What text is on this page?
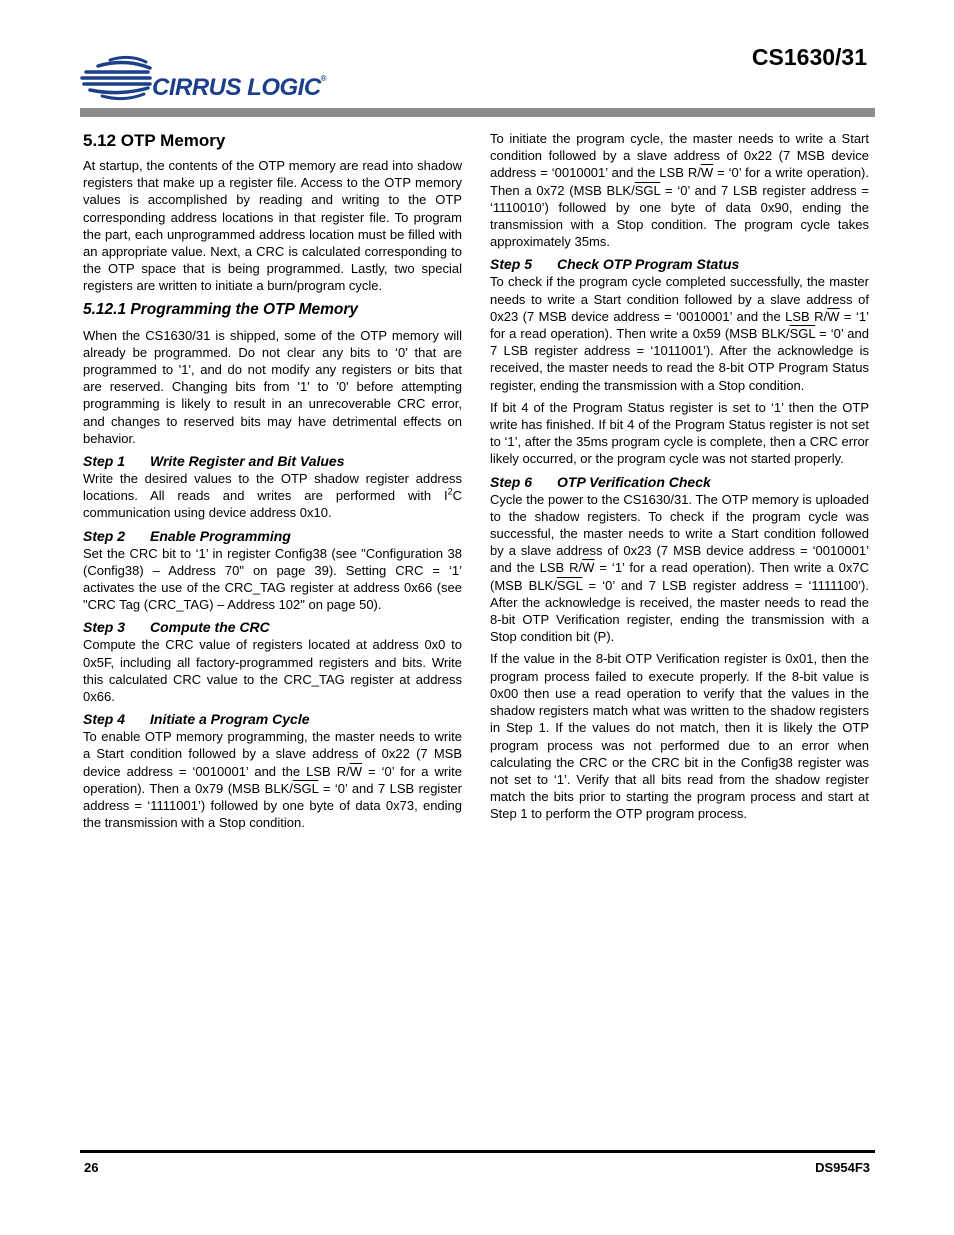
CIRRUS LOGIC®
CS1630/31
5.12 OTP Memory

At startup, the contents of the OTP memory are read into shadow registers that make up a register file. Access to the OTP memory values is accomplished by reading and writing to the OTP corresponding address locations in that register file. To program the part, each unprogrammed address location must be filled with an appropriate value. Next, a CRC is calculated corresponding to the OTP space that is being programmed. Lastly, two special registers are written to initiate a burn/program cycle.

5.12.1 Programming the OTP Memory

When the CS1630/31 is shipped, some of the OTP memory will already be programmed. Do not clear any bits to ‘0’ that are programmed to '1', and do not modify any registers or bits that are reserved. Changing bits from '1' to '0' before attempting programming is likely to result in an unrecoverable CRC error, and changes to reserved bits may have detrimental effects on behavior.

Step 1 Write Register and Bit Values

Write the desired values to the OTP shadow register address locations. All reads and writes are performed with $I^2C$ communication using device address 0x10.

Step 2 Enable Programming

Set the CRC bit to ‘1’ in register Config38 (see "Configuration 38 (Config38) – Address 70" on page 39). Setting CRC = ‘1’ activates the use of the CRC_TAG register at address 0x66 (see "CRC Tag (CRC_TAG) – Address 102" on page 50).

Step 3 Compute the CRC

Compute the CRC value of registers located at address 0x0 to 0x5F, including all factory-programmed registers and bits. Write this calculated CRC value to the CRC_TAG register at address 0x66.

Step 4 Initiate a Program Cycle

To enable OTP memory programming, the master needs to write a Start condition followed by a slave address of 0x22 (7 MSB device address = ‘0010001’ and the LSB $R/\overline{W}$ = ‘0’ for a write operation). Then a 0x79 (MSB BLK/$\overline{SGL}$ = ‘0’ and 7 LSB register address = ‘1111001’) followed by one byte of data 0x73, ending the transmission with a Stop condition.

To initiate the program cycle, the master needs to write a Start condition followed by a slave address of 0x22 (7 MSB device address = ‘0010001’ and the LSB $R/\overline{W}$ = ‘0’ for a write operation). Then a 0x72 (MSB BLK/$\overline{SGL}$ = ‘0’ and 7 LSB register address = ‘1110010’) followed by one byte of data 0x90, ending the transmission with a Stop condition. The program cycle takes approximately 35ms.

Step 5 Check OTP Program Status

To check if the program cycle completed successfully, the master needs to write a Start condition followed by a slave address of 0x23 (7 MSB device address = ‘0010001’ and the LSB $R/\overline{W}$ = ‘1’ for a read operation). Then write a 0x59 (MSB BLK/$\overline{SGL}$ = ‘0’ and 7 LSB register address = ‘1011001’). After the acknowledge is received, the master needs to read the 8-bit OTP Program Status register, ending the transmission with a Stop condition.

If bit 4 of the Program Status register is set to ‘1’ then the OTP write has finished. If bit 4 of the Program Status register is not set to ‘1’, after the 35ms program cycle is complete, then a CRC error likely occurred, or the program cycle was not started properly.

Step 6 OTP Verification Check

Cycle the power to the CS1630/31. The OTP memory is uploaded to the shadow registers. To check if the program cycle was successful, the master needs to write a Start condition followed by a slave address of 0x23 (7 MSB device address = ‘0010001’ and the LSB $R/\overline{W}$ = ‘1’ for a read operation). Then write a 0x7C (MSB BLK/$\overline{SGL}$ = ‘0’ and 7 LSB register address = ‘1111100’). After the acknowledge is received, the master needs to read the 8-bit OTP Verification register, ending the transmission with a Stop condition bit (P).

If the value in the 8-bit OTP Verification register is 0x01, then the program process failed to execute properly. If the 8-bit value is 0x00 then use a read operation to verify that the values in the shadow registers match what was written to the shadow registers in Step 1. If the values do not match, then it is likely the OTP program process was not performed due to an error when calculating the CRC or the CRC bit in the Config38 register was not set to ‘1’. Verify that all bits read from the shadow register match the bits prior to starting the program process and start at Step 1 to perform the OTP program process.

26	DS954F3
